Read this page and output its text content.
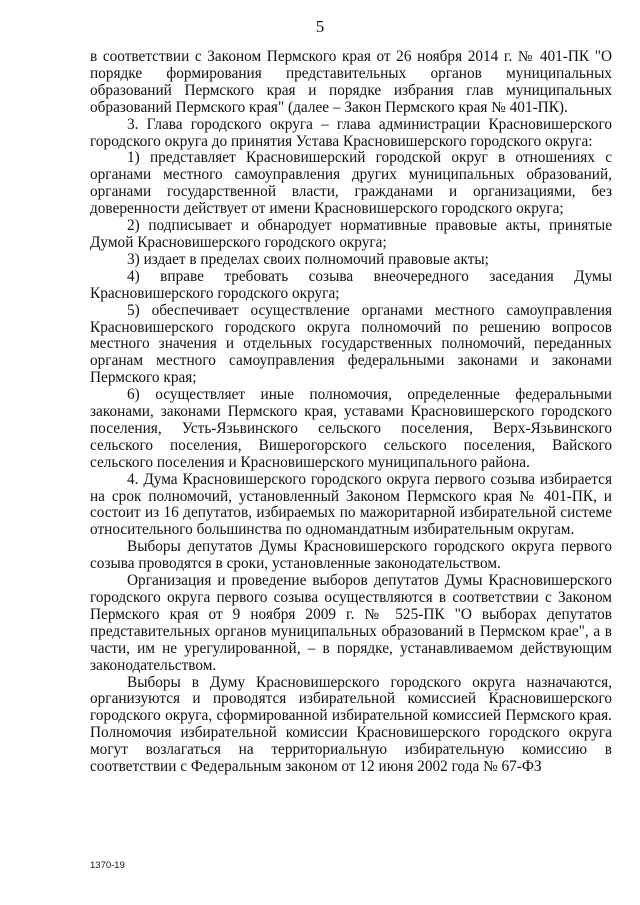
5

в соответствии с Законом Пермского края от 26 ноября 2014 г. № 401-ПК "О порядке формирования представительных органов муниципальных образований Пермского края и порядке избрания глав муниципальных образований Пермского края" (далее – Закон Пермского края № 401-ПК).

3. Глава городского округа – глава администрации Красновишерского городского округа до принятия Устава Красновишерского городского округа:

1) представляет Красновишерский городской округ в отношениях с органами местного самоуправления других муниципальных образований, органами государственной власти, гражданами и организациями, без доверенности действует от имени Красновишерского городского округа;

2) подписывает и обнародует нормативные правовые акты, принятые Думой Красновишерского городского округа;

3) издает в пределах своих полномочий правовые акты;

4) вправе требовать созыва внеочередного заседания Думы Красновишерского городского округа;

5) обеспечивает осуществление органами местного самоуправления Красновишерского городского округа полномочий по решению вопросов местного значения и отдельных государственных полномочий, переданных органам местного самоуправления федеральными законами и законами Пермского края;

6) осуществляет иные полномочия, определенные федеральными законами, законами Пермского края, уставами Красновишерского городского поселения, Усть-Язьвинского сельского поселения, Верх-Язьвинского сельского поселения, Вишерогорского сельского поселения, Вайского сельского поселения и Красновишерского муниципального района.

4. Дума Красновишерского городского округа первого созыва избирается на срок полномочий, установленный Законом Пермского края № 401-ПК, и состоит из 16 депутатов, избираемых по мажоритарной избирательной системе относительного большинства по одномандатным избирательным округам.

Выборы депутатов Думы Красновишерского городского округа первого созыва проводятся в сроки, установленные законодательством.

Организация и проведение выборов депутатов Думы Красновишерского городского округа первого созыва осуществляются в соответствии с Законом Пермского края от 9 ноября 2009 г. № 525-ПК "О выборах депутатов представительных органов муниципальных образований в Пермском крае", а в части, им не урегулированной, – в порядке, устанавливаемом действующим законодательством.

Выборы в Думу Красновишерского городского округа назначаются, организуются и проводятся избирательной комиссией Красновишерского городского округа, сформированной избирательной комиссией Пермского края. Полномочия избирательной комиссии Красновишерского городского округа могут возлагаться на территориальную избирательную комиссию в соответствии с Федеральным законом от 12 июня 2002 года № 67-ФЗ

1370-19
